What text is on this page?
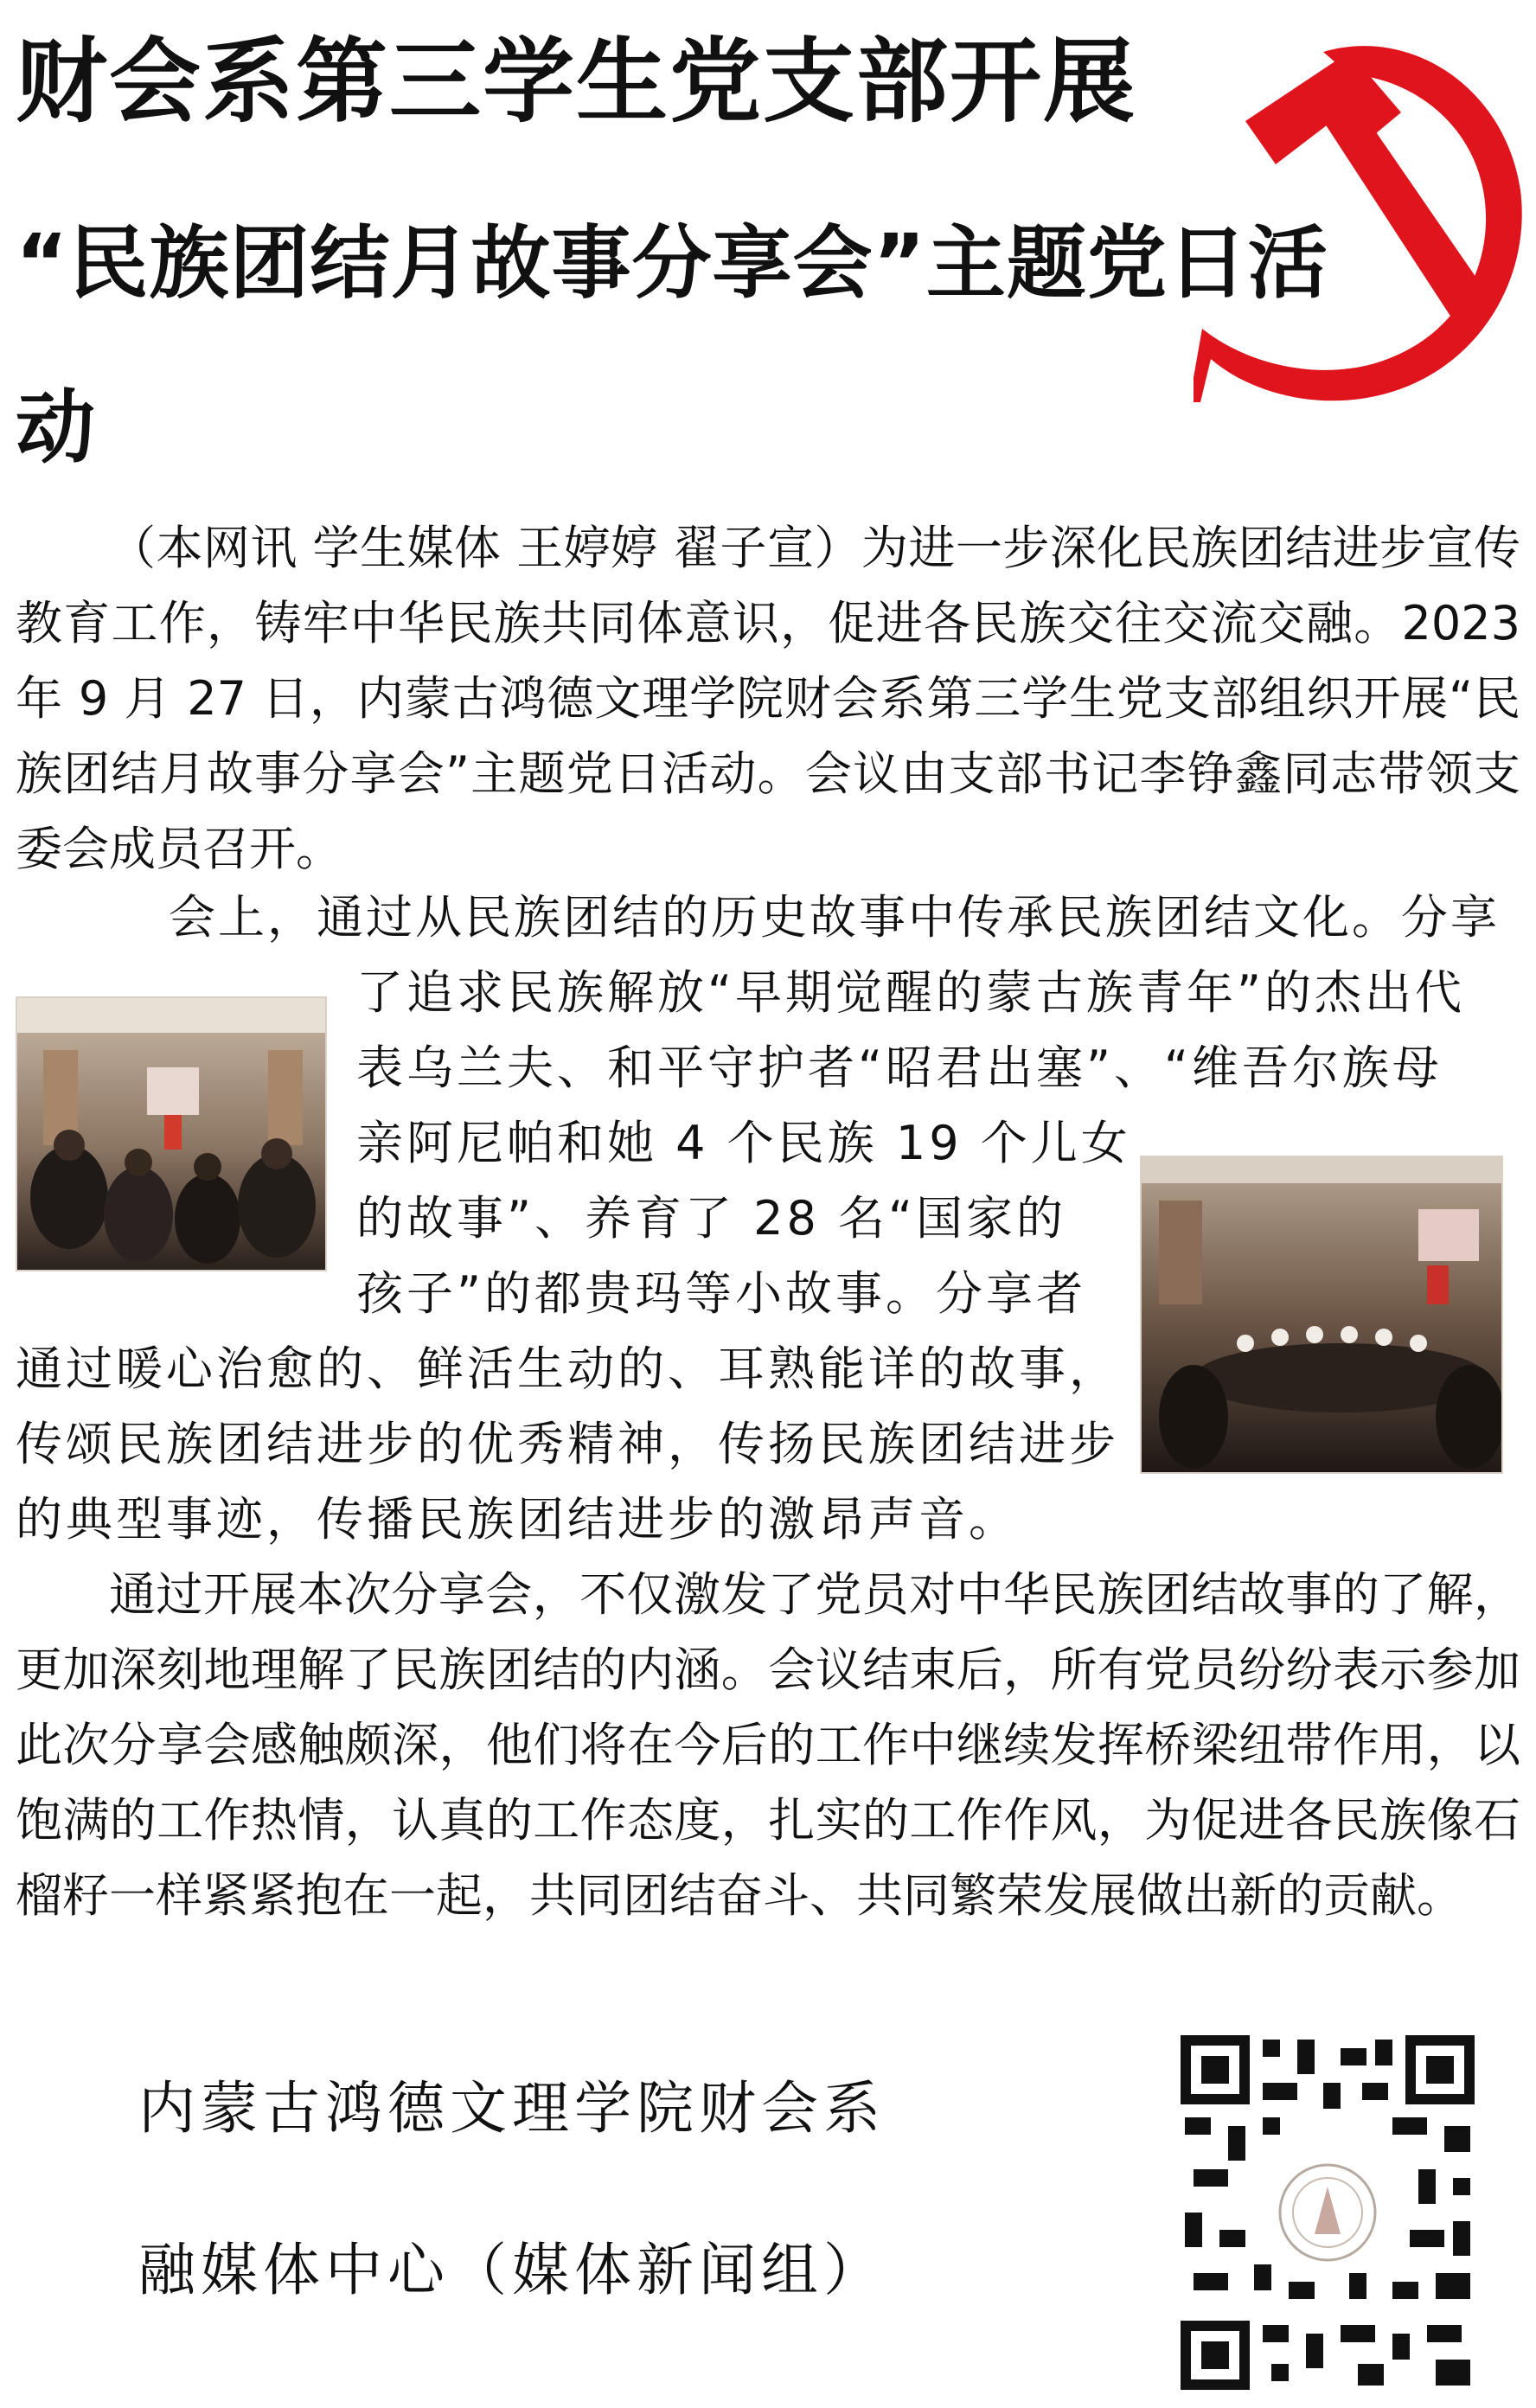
财会系第三学生党支部开展
“民族团结月故事分享会”主题党日活
动

（本网讯 学生媒体 王婷婷 翟子宣）为进一步深化民族团结进步宣传教育工作，铸牢中华民族共同体意识，促进各民族交往交流交融。2023年 9 月 27 日，内蒙古鸿德文理学院财会系第三学生党支部组织开展“民族团结月故事分享会”主题党日活动。会议由支部书记李铮鑫同志带领支委会成员召开。

会上，通过从民族团结的历史故事中传承民族团结文化。分享
了追求民族解放“早期觉醒的蒙古族青年”的杰出代
表乌兰夫、和平守护者“昭君出塞”、“维吾尔族母
亲阿尼帕和她 4 个民族 19 个儿女
的故事”、养育了 28 名“国家的
孩子”的都贵玛等小故事。分享者
通过暖心治愈的、鲜活生动的、耳熟能详的故事，
传颂民族团结进步的优秀精神，传扬民族团结进步
的典型事迹，传播民族团结进步的激昂声音。

通过开展本次分享会，不仅激发了党员对中华民族团结故事的了解，更加深刻地理解了民族团结的内涵。会议结束后，所有党员纷纷表示参加此次分享会感触颇深，他们将在今后的工作中继续发挥桥梁纽带作用，以饱满的工作热情，认真的工作态度，扎实的工作作风，为促进各民族像石榴籽一样紧紧抱在一起，共同团结奋斗、共同繁荣发展做出新的贡献。

内蒙古鸿德文理学院财会系
融媒体中心（媒体新闻组）
